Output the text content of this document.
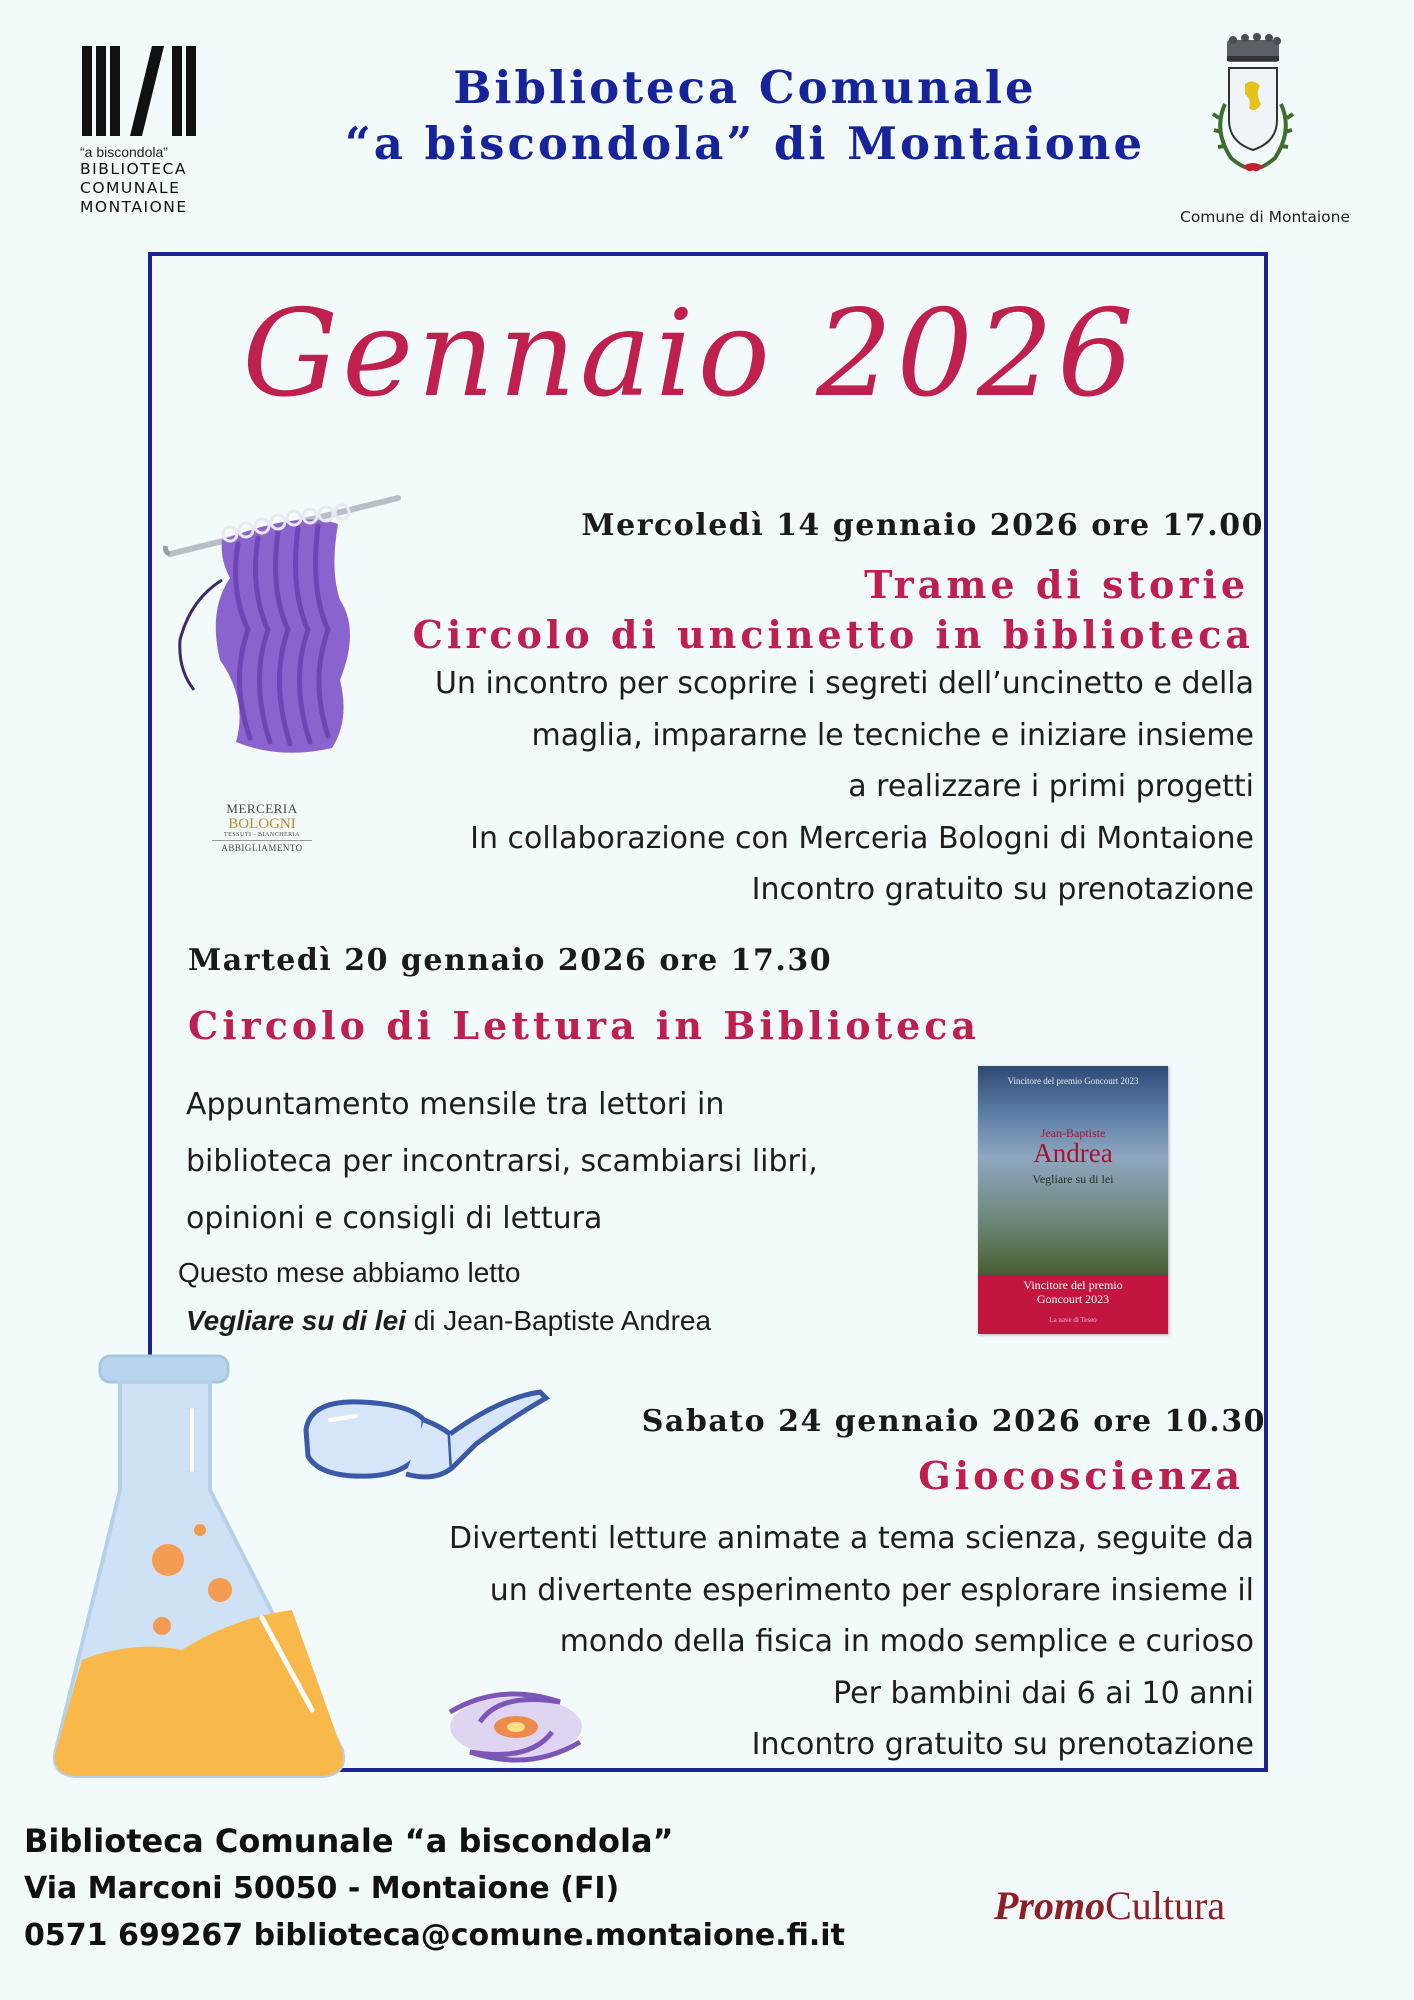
“a biscondola”
BIBLIOTECA
COMUNALE
MONTAIONE
Biblioteca Comunale
“a biscondola” di Montaione
Comune di Montaione
Gennaio 2026
MERCERIA
BOLOGNI
TESSUTI - BIANCHERIA
ABBIGLIAMENTO
Mercoledì 14 gennaio 2026 ore 17.00
Trame di storie
Circolo di uncinetto in biblioteca
Un incontro per scoprire i segreti dell’uncinetto e della
maglia, impararne le tecniche e iniziare insieme
a realizzare i primi progetti
In collaborazione con Merceria Bologni di Montaione
Incontro gratuito su prenotazione
Martedì 20 gennaio 2026 ore 17.30
Circolo di Lettura in Biblioteca
Appuntamento mensile tra lettori in
biblioteca per incontrarsi, scambiarsi libri,
opinioni e consigli di lettura
Questo mese abbiamo letto
Vegliare su di lei di Jean-Baptiste Andrea
Vincitore del premio Goncourt 2023
Jean-Baptiste
Andrea
Vegliare su di lei
Vincitore del premio
Goncourt 2023
La nave di Teseo
Sabato 24 gennaio 2026 ore 10.30
Giocoscienza
Divertenti letture animate a tema scienza, seguite da
un divertente esperimento per esplorare insieme il
mondo della fisica in modo semplice e curioso
Per bambini dai 6 ai 10 anni
Incontro gratuito su prenotazione
Biblioteca Comunale “a biscondola”
Via Marconi 50050 - Montaione (FI)
0571 699267 biblioteca@comune.montaione.fi.it
PromoCultura
